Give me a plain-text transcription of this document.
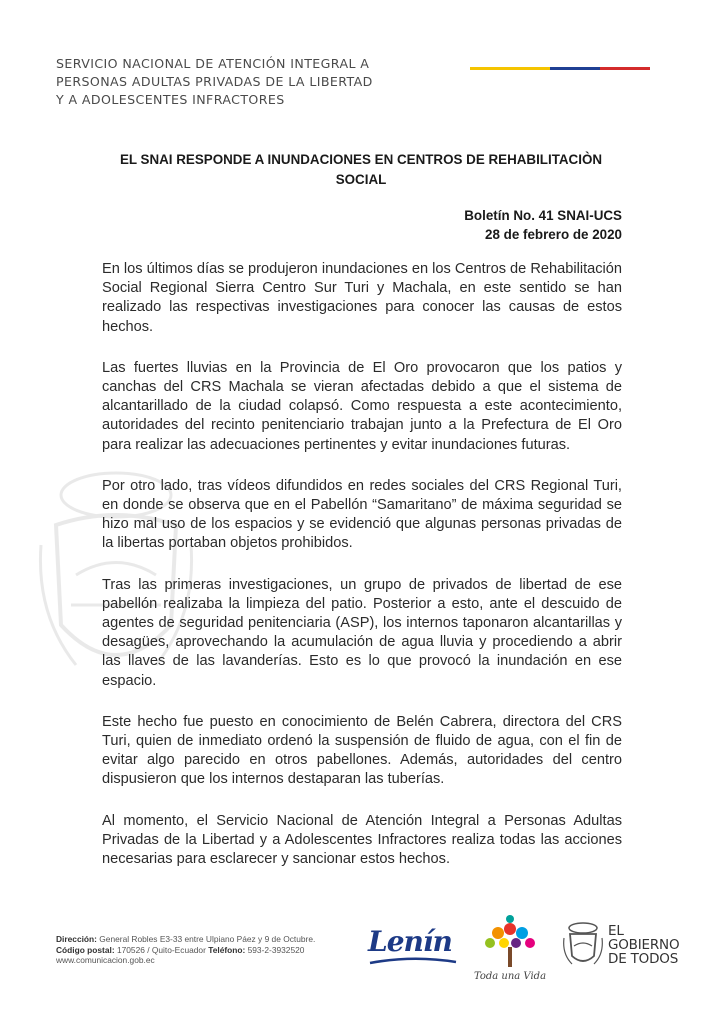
SERVICIO NACIONAL DE ATENCIÓN INTEGRAL A
PERSONAS ADULTAS PRIVADAS DE LA LIBERTAD
Y A ADOLESCENTES INFRACTORES
EL SNAI RESPONDE A INUNDACIONES EN CENTROS DE REHABILITACIÒN
SOCIAL
Boletín No. 41 SNAI-UCS
28 de febrero de 2020

En los últimos días se produjeron inundaciones en los Centros de Rehabilitación Social Regional Sierra Centro Sur Turi y Machala, en este sentido se han realizado las respectivas investigaciones para conocer las causas de estos hechos.

Las fuertes lluvias en la Provincia de El Oro provocaron que los patios y canchas del CRS Machala se vieran afectadas debido a que el sistema de alcantarillado de la ciudad colapsó. Como respuesta a este acontecimiento, autoridades del recinto penitenciario trabajan junto a la Prefectura de El Oro para realizar las adecuaciones pertinentes y evitar inundaciones futuras.

Por otro lado, tras vídeos difundidos en redes sociales del CRS Regional Turi, en donde se observa que en el Pabellón “Samaritano” de máxima seguridad se hizo mal uso de los espacios y se evidenció que algunas personas privadas de la libertas portaban objetos prohibidos.

Tras las primeras investigaciones, un grupo de privados de libertad de ese pabellón realizaba la limpieza del patio. Posterior a esto, ante el descuido de agentes de seguridad penitenciaria (ASP), los internos taponaron alcantarillas y desagües, aprovechando la acumulación de agua lluvia y procediendo a abrir las llaves de las lavanderías. Esto es lo que provocó la inundación en ese espacio.

Este hecho fue puesto en conocimiento de Belén Cabrera, directora del CRS Turi, quien de inmediato ordenó la suspensión de fluido de agua, con el fin de evitar algo parecido en otros pabellones. Además, autoridades del centro dispusieron que los internos destaparan las tuberías.

Al momento, el Servicio Nacional de Atención Integral a Personas Adultas Privadas de la Libertad y a Adolescentes Infractores realiza todas las acciones necesarias para esclarecer y sancionar estos hechos.

Dirección: General Robles E3-33 entre Ulpiano Páez y 9 de Octubre.
Código postal: 170526 / Quito-Ecuador Teléfono: 593-2-3932520
www.comunicacion.gob.ec
Lenín
Toda una Vida
EL
GOBIERNO
DE TODOS
